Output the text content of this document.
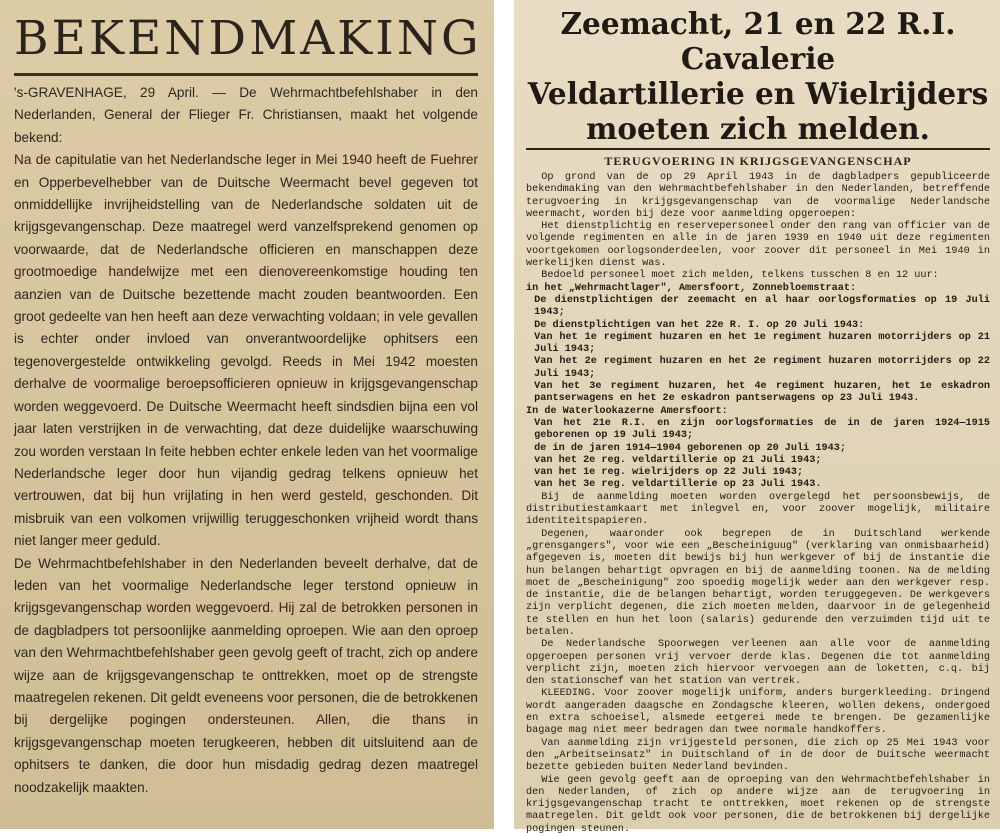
BEKENDMAKING

's-GRAVENHAGE, 29 April. — De Wehrmachtbefehlshaber in den Nederlanden, General der Flieger Fr. Christiansen, maakt het volgende bekend:

Na de capitulatie van het Nederlandsche leger in Mei 1940 heeft de Fuehrer en Opperbevelhebber van de Duitsche Weermacht bevel gegeven tot onmiddellijke invrijheidstelling van de Nederlandsche soldaten uit de krijgsgevangenschap. Deze maatregel werd vanzelfsprekend genomen op voorwaarde, dat de Nederlandsche officieren en manschappen deze grootmoedige handelwijze met een dienovereenkomstige houding ten aanzien van de Duitsche bezettende macht zouden beantwoorden. Een groot gedeelte van hen heeft aan deze verwachting voldaan; in vele gevallen is echter onder invloed van onverantwoordelijke ophitsers een tegenovergestelde ontwikkeling gevolgd. Reeds in Mei 1942 moesten derhalve de voormalige beroepsofficieren opnieuw in krijgsgevangenschap worden weggevoerd. De Duitsche Weermacht heeft sindsdien bijna een vol jaar laten verstrijken in de verwachting, dat deze duidelijke waarschuwing zou worden verstaan In feite hebben echter enkele leden van het voormalige Nederlandsche leger door hun vijandig gedrag telkens opnieuw het vertrouwen, dat bij hun vrijlating in hen werd gesteld, geschonden. Dit misbruik van een volkomen vrijwillig teruggeschonken vrijheid wordt thans niet langer meer geduld.

De Wehrmachtbefehlshaber in den Nederlanden beveelt derhalve, dat de leden van het voormalige Nederlandsche leger terstond opnieuw in krijgsgevangenschap worden weggevoerd. Hij zal de betrokken personen in de dagbladpers tot persoonlijke aanmelding oproepen. Wie aan den oproep van den Wehrmachtbefehlshaber geen gevolg geeft of tracht, zich op andere wijze aan de krijgsgevangenschap te onttrekken, moet op de strengste maatregelen rekenen. Dit geldt eveneens voor personen, die de betrokkenen bij dergelijke pogingen ondersteunen. Allen, die thans in krijgsgevangenschap moeten terugkeeren, hebben dit uitsluitend aan de ophitsers te danken, die door hun misdadig gedrag dezen maatregel noodzakelijk maakten.

Zeemacht, 21 en 22 R.I. Cavalerie
Veldartillerie en Wielrijders
moeten zich melden.
TERUGVOERING IN KRIJGSGEVANGENSCHAP

Op grond van de op 29 April 1943 in de dagbladpers gepubliceerde bekendmaking van den Wehrmachtbefehlshaber in den Nederlanden, betreffende terugvoering in krijgsgevangenschap van de voormalige Nederlandsche weermacht, worden bij deze voor aanmelding opgeroepen:

Het dienstplichtig en reservepersoneel onder den rang van officier van de volgende regimenten en alle in de jaren 1939 en 1940 uit deze regimenten voortgekomen oorlogsonderdeelen, voor zoover dit personeel in Mei 1940 in werkelijken dienst was.

Bedoeld personeel moet zich melden, telkens tusschen 8 en 12 uur:

in het „Wehrmachtlager", Amersfoort, Zonnebloemstraat:

De dienstplichtigen der zeemacht en al haar oorlogsformaties op 19 Juli 1943;

De dienstplichtigen van het 22e R. I. op 20 Juli 1943:

Van het 1e regiment huzaren en het 1e regiment huzaren motorrijders op 21 Juli 1943;

Van het 2e regiment huzaren en het 2e regiment huzaren motorrijders op 22 Juli 1943;

Van het 3e regiment huzaren, het 4e regiment huzaren, het 1e eskadron pantserwagens en het 2e eskadron pantserwagens op 23 Juli 1943.

In de Waterlookazerne Amersfoort:

Van het 21e R.I. en zijn oorlogsformaties de in de jaren 1924—1915 geborenen op 19 Juli 1943;

de in de jaren 1914—1904 geborenen op 20 Juli 1943;

van het 2e reg. veldartillerie op 21 Juli 1943;

van het 1e reg. wielrijders op 22 Juli 1943;

van het 3e reg. veldartillerie op 23 Juli 1943.

Bij de aanmelding moeten worden overgelegd het persoonsbewijs, de distributiestamkaart met inlegvel en, voor zoover mogelijk, militaire identiteitspapieren.

Degenen, waaronder ook begrepen de in Duitschland werkende „grensgangers", voor wie een „Bescheiniguug" (verklaring van onmisbaarheid) afgegeven is, moeten dit bewijs bij hun werkgever of bij de instantie die hun belangen behartigt opvragen en bij de aanmelding toonen. Na de melding moet de „Bescheinigung" zoo spoedig mogelijk weder aan den werkgever resp. de instantie, die de belangen behartigt, worden teruggegeven. De werkgevers zijn verplicht degenen, die zich moeten melden, daarvoor in de gelegenheid te stellen en hun het loon (salaris) gedurende den verzuimden tijd uit te betalen.

De Nederlandsche Spoorwegen verleenen aan alle voor de aanmelding opgeroepen personen vrij vervoer derde klas. Degenen die tot aanmelding verplicht zijn, moeten zich hiervoor vervoegen aan de loketten, c.q. bij den stationschef van het station van vertrek.

KLEEDING. Voor zoover mogelijk uniform, anders burgerkleeding. Dringend wordt aangeraden daagsche en Zondagsche kleeren, wollen dekens, ondergoed en extra schoeisel, alsmede eetgerei mede te brengen. De gezamenlijke bagage mag niet meer bedragen dan twee normale handkoffers.

Van aanmelding zijn vrijgesteld personen, die zich op 25 Mei 1943 voor den „Arbeitseinsatz" in Duitschland of in de door de Duitsche weermacht bezette gebieden buiten Nederland bevinden.

Wie geen gevolg geeft aan de oproeping van den Wehrmachtbefehlshaber in den Nederlanden, of zich op andere wijze aan de terugvoering in krijgsgevangenschap tracht te onttrekken, moet rekenen op de strengste maatregelen. Dit geldt ook voor personen, die de betrokkenen bij dergelijke pogingen steunen.
